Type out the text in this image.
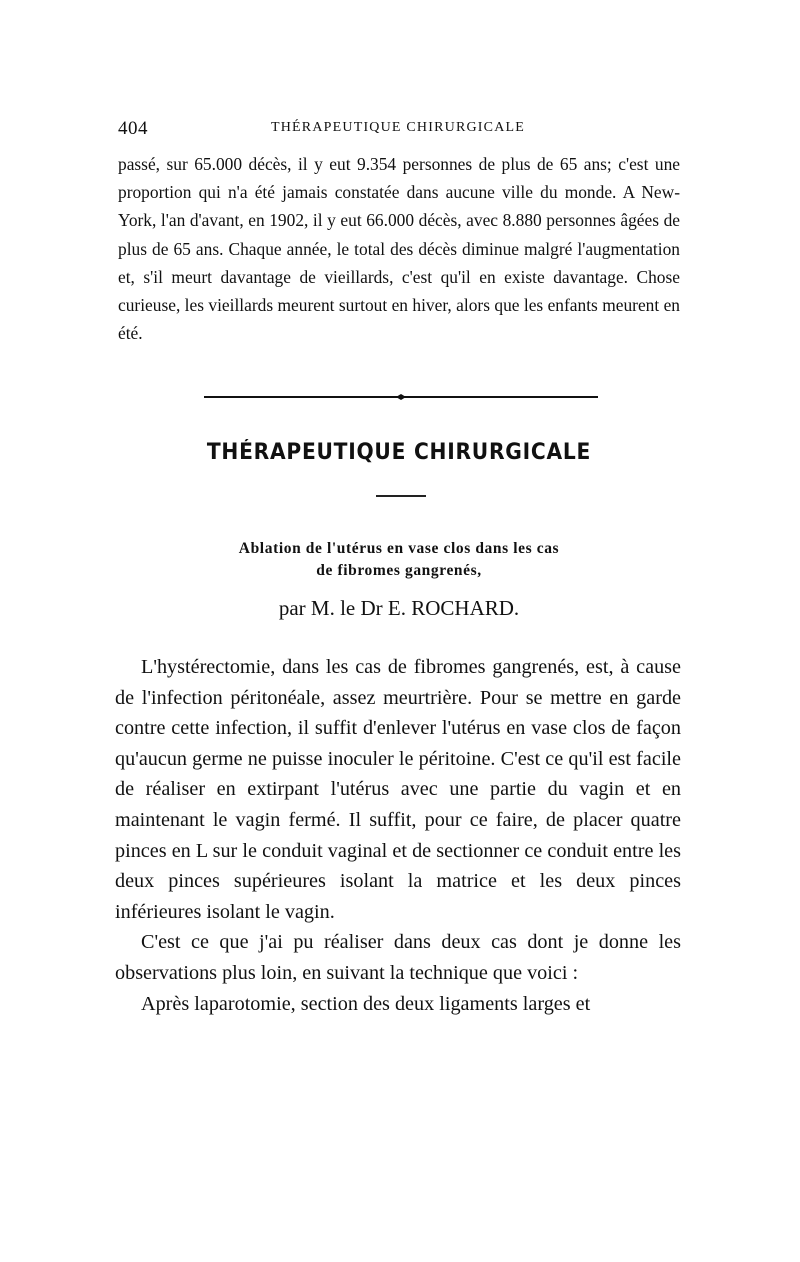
404	THÉRAPEUTIQUE CHIRURGICALE

passé, sur 65.000 décès, il y eut 9.354 personnes de plus de 65 ans; c'est une proportion qui n'a été jamais constatée dans aucune ville du monde. A New-York, l'an d'avant, en 1902, il y eut 66.000 décès, avec 8.880 personnes âgées de plus de 65 ans. Chaque année, le total des décès diminue malgré l'augmentation et, s'il meurt davantage de vieillards, c'est qu'il en existe davantage. Chose curieuse, les vieillards meurent surtout en hiver, alors que les enfants meurent en été.

THÉRAPEUTIQUE CHIRURGICALE
Ablation de l'utérus en vase clos dans les cas
de fibromes gangrenés,
par M. le Dr E. ROCHARD.

L'hystérectomie, dans les cas de fibromes gangrenés, est, à cause de l'infection péritonéale, assez meurtrière. Pour se mettre en garde contre cette infection, il suffit d'enlever l'utérus en vase clos de façon qu'aucun germe ne puisse inoculer le péritoine. C'est ce qu'il est facile de réaliser en extirpant l'utérus avec une partie du vagin et en maintenant le vagin fermé. Il suffit, pour ce faire, de placer quatre pinces en L sur le conduit vaginal et de sectionner ce conduit entre les deux pinces supérieures isolant la matrice et les deux pinces inférieures isolant le vagin.

C'est ce que j'ai pu réaliser dans deux cas dont je donne les observations plus loin, en suivant la technique que voici :

Après laparotomie, section des deux ligaments larges et
